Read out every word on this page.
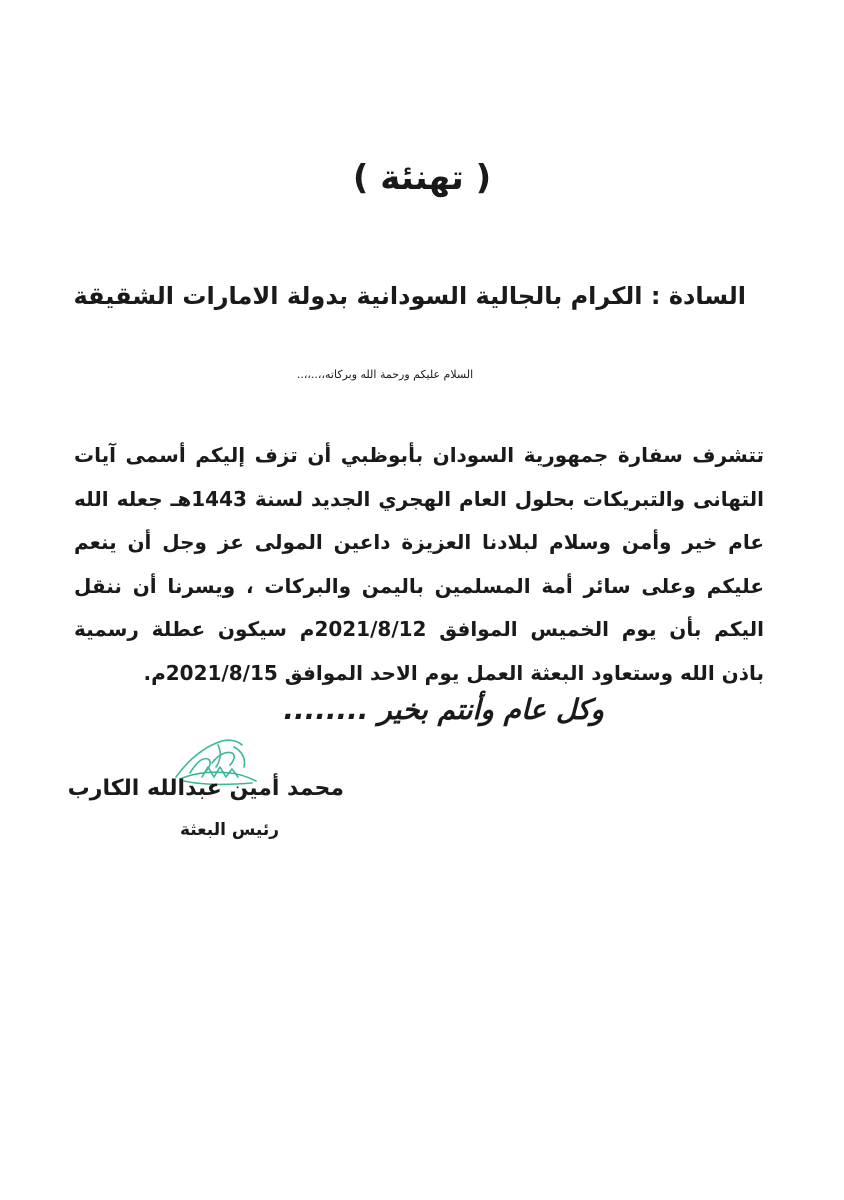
( تهنئة )
السادة : الكرام بالجالية السودانية بدولة الامارات الشقيقة
السلام عليكم ورحمة الله وبركاته،،..،،..

تتشرف سفارة جمهورية السودان بأبوظبي أن تزف إليكم أسمى آيات التهانى والتبريكات بحلول العام الهجري الجديد لسنة 1443هـ جعله الله عام خير وأمن وسلام لبلادنا العزيزة داعين المولى عز وجل أن ينعم عليكم وعلى سائر أمة المسلمين باليمن والبركات ، ويسرنا أن ننقل اليكم بأن يوم الخميس الموافق 2021/8/12م سيكون عطلة رسمية باذن الله وستعاود البعثة العمل يوم الاحد الموافق 2021/8/15م.

وكل عام وأنتم بخير ........
محمد أمين عبدالله الكارب
رئيس البعثة
